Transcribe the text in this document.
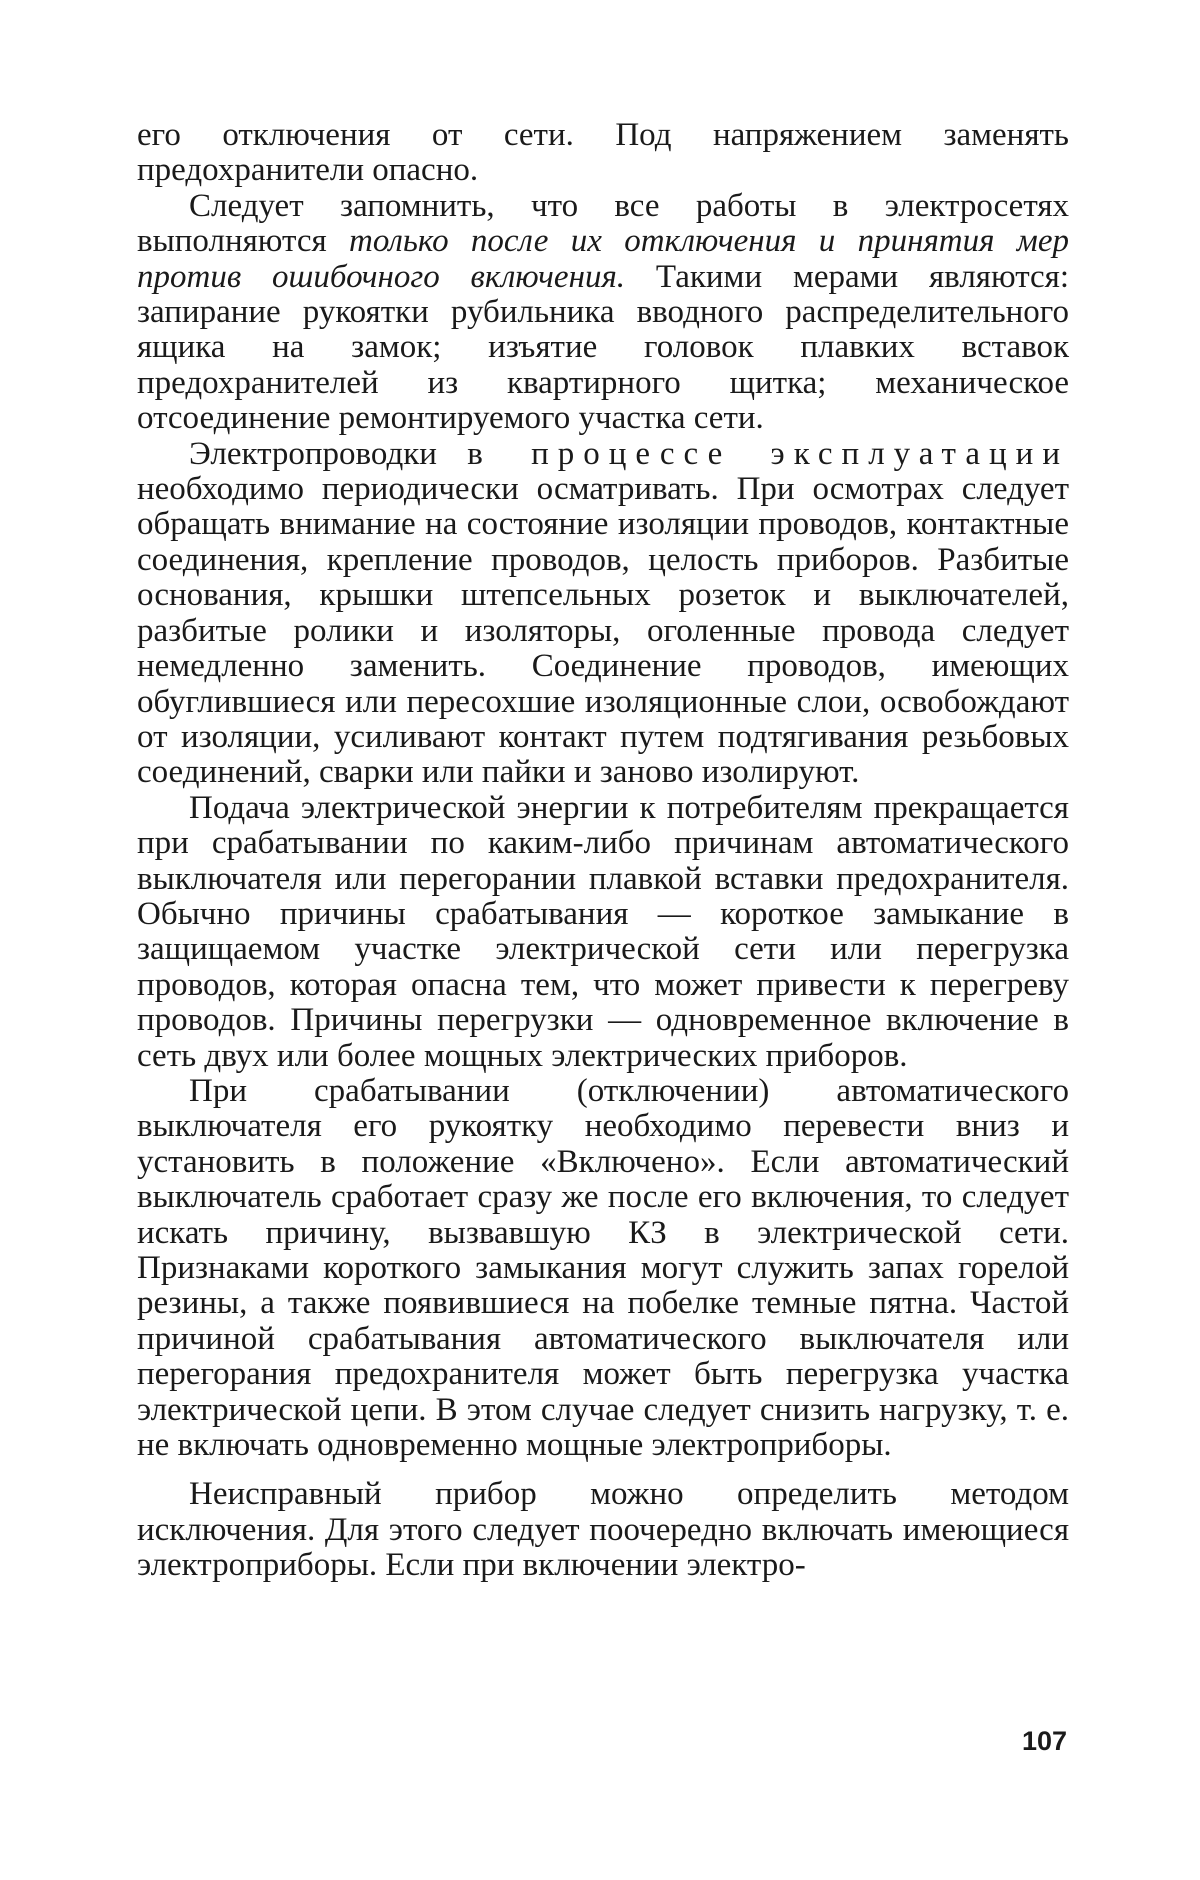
его отключения от сети. Под напряжением заменять предохранители опасно.

Следует запомнить, что все работы в электросетях выполняются только после их отключения и принятия мер против ошибочного включения. Такими мерами являются: запирание рукоятки рубильника вводного распределительного ящика на замок; изъятие головок плавких вставок предохранителей из квартирного щитка; механическое отсоединение ремонтируемого участка сети.

Электропроводки в процессе эксплуатации необходимо периодически осматривать. При осмотрах следует обращать внимание на состояние изоляции проводов, контактные соединения, крепление проводов, целость приборов. Разбитые основания, крышки штепсельных розеток и выключателей, разбитые ролики и изоляторы, оголенные провода следует немедленно заменить. Соединение проводов, имеющих обуглившиеся или пересохшие изоляционные слои, освобождают от изоляции, усиливают контакт путем подтягивания резьбовых соединений, сварки или пайки и заново изолируют.

Подача электрической энергии к потребителям прекращается при срабатывании по каким-либо причинам автоматического выключателя или перегорании плавкой вставки предохранителя. Обычно причины срабатывания — короткое замыкание в защищаемом участке электрической сети или перегрузка проводов, которая опасна тем, что может привести к перегреву проводов. Причины перегрузки — одновременное включение в сеть двух или более мощных электрических приборов.

При срабатывании (отключении) автоматического выключателя его рукоятку необходимо перевести вниз и установить в положение «Включено». Если автоматический выключатель сработает сразу же после его включения, то следует искать причину, вызвавшую КЗ в электрической сети. Признаками короткого замыкания могут служить запах горелой резины, а также появившиеся на побелке темные пятна. Частой причиной срабатывания автоматического выключателя или перегорания предохранителя может быть перегрузка участка электрической цепи. В этом случае следует снизить нагрузку, т. е. не включать одновременно мощные электроприборы.

Неисправный прибор можно определить методом исключения. Для этого следует поочередно включать имеющиеся электроприборы. Если при включении электро-

107
